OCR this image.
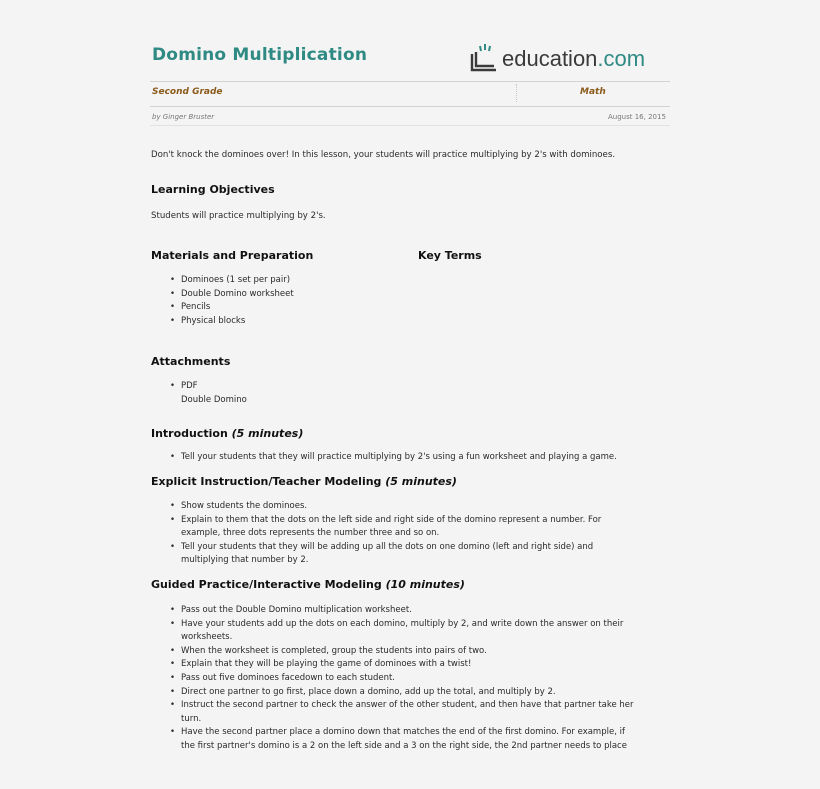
Domino Multiplication	education.com
Second Grade	Math
by Ginger Bruster	August 16, 2015
Don't knock the dominoes over! In this lesson, your students will practice multiplying by 2's with dominoes.
Learning Objectives
Students will practice multiplying by 2's.
Materials and Preparation	Key Terms
• Dominoes (1 set per pair)
• Double Domino worksheet
• Pencils
• Physical blocks
Attachments
• PDF
Double Domino
Introduction (5 minutes)
• Tell your students that they will practice multiplying by 2's using a fun worksheet and playing a game.
Explicit Instruction/Teacher Modeling (5 minutes)
• Show students the dominoes.
• Explain to them that the dots on the left side and right side of the domino represent a number. For
example, three dots represents the number three and so on.
• Tell your students that they will be adding up all the dots on one domino (left and right side) and
multiplying that number by 2.
Guided Practice/Interactive Modeling (10 minutes)
• Pass out the Double Domino multiplication worksheet.
• Have your students add up the dots on each domino, multiply by 2, and write down the answer on their
worksheets.
• When the worksheet is completed, group the students into pairs of two.
• Explain that they will be playing the game of dominoes with a twist!
• Pass out five dominoes facedown to each student.
• Direct one partner to go first, place down a domino, add up the total, and multiply by 2.
• Instruct the second partner to check the answer of the other student, and then have that partner take her
turn.
• Have the second partner place a domino down that matches the end of the first domino. For example, if
the first partner's domino is a 2 on the left side and a 3 on the right side, the 2nd partner needs to place
